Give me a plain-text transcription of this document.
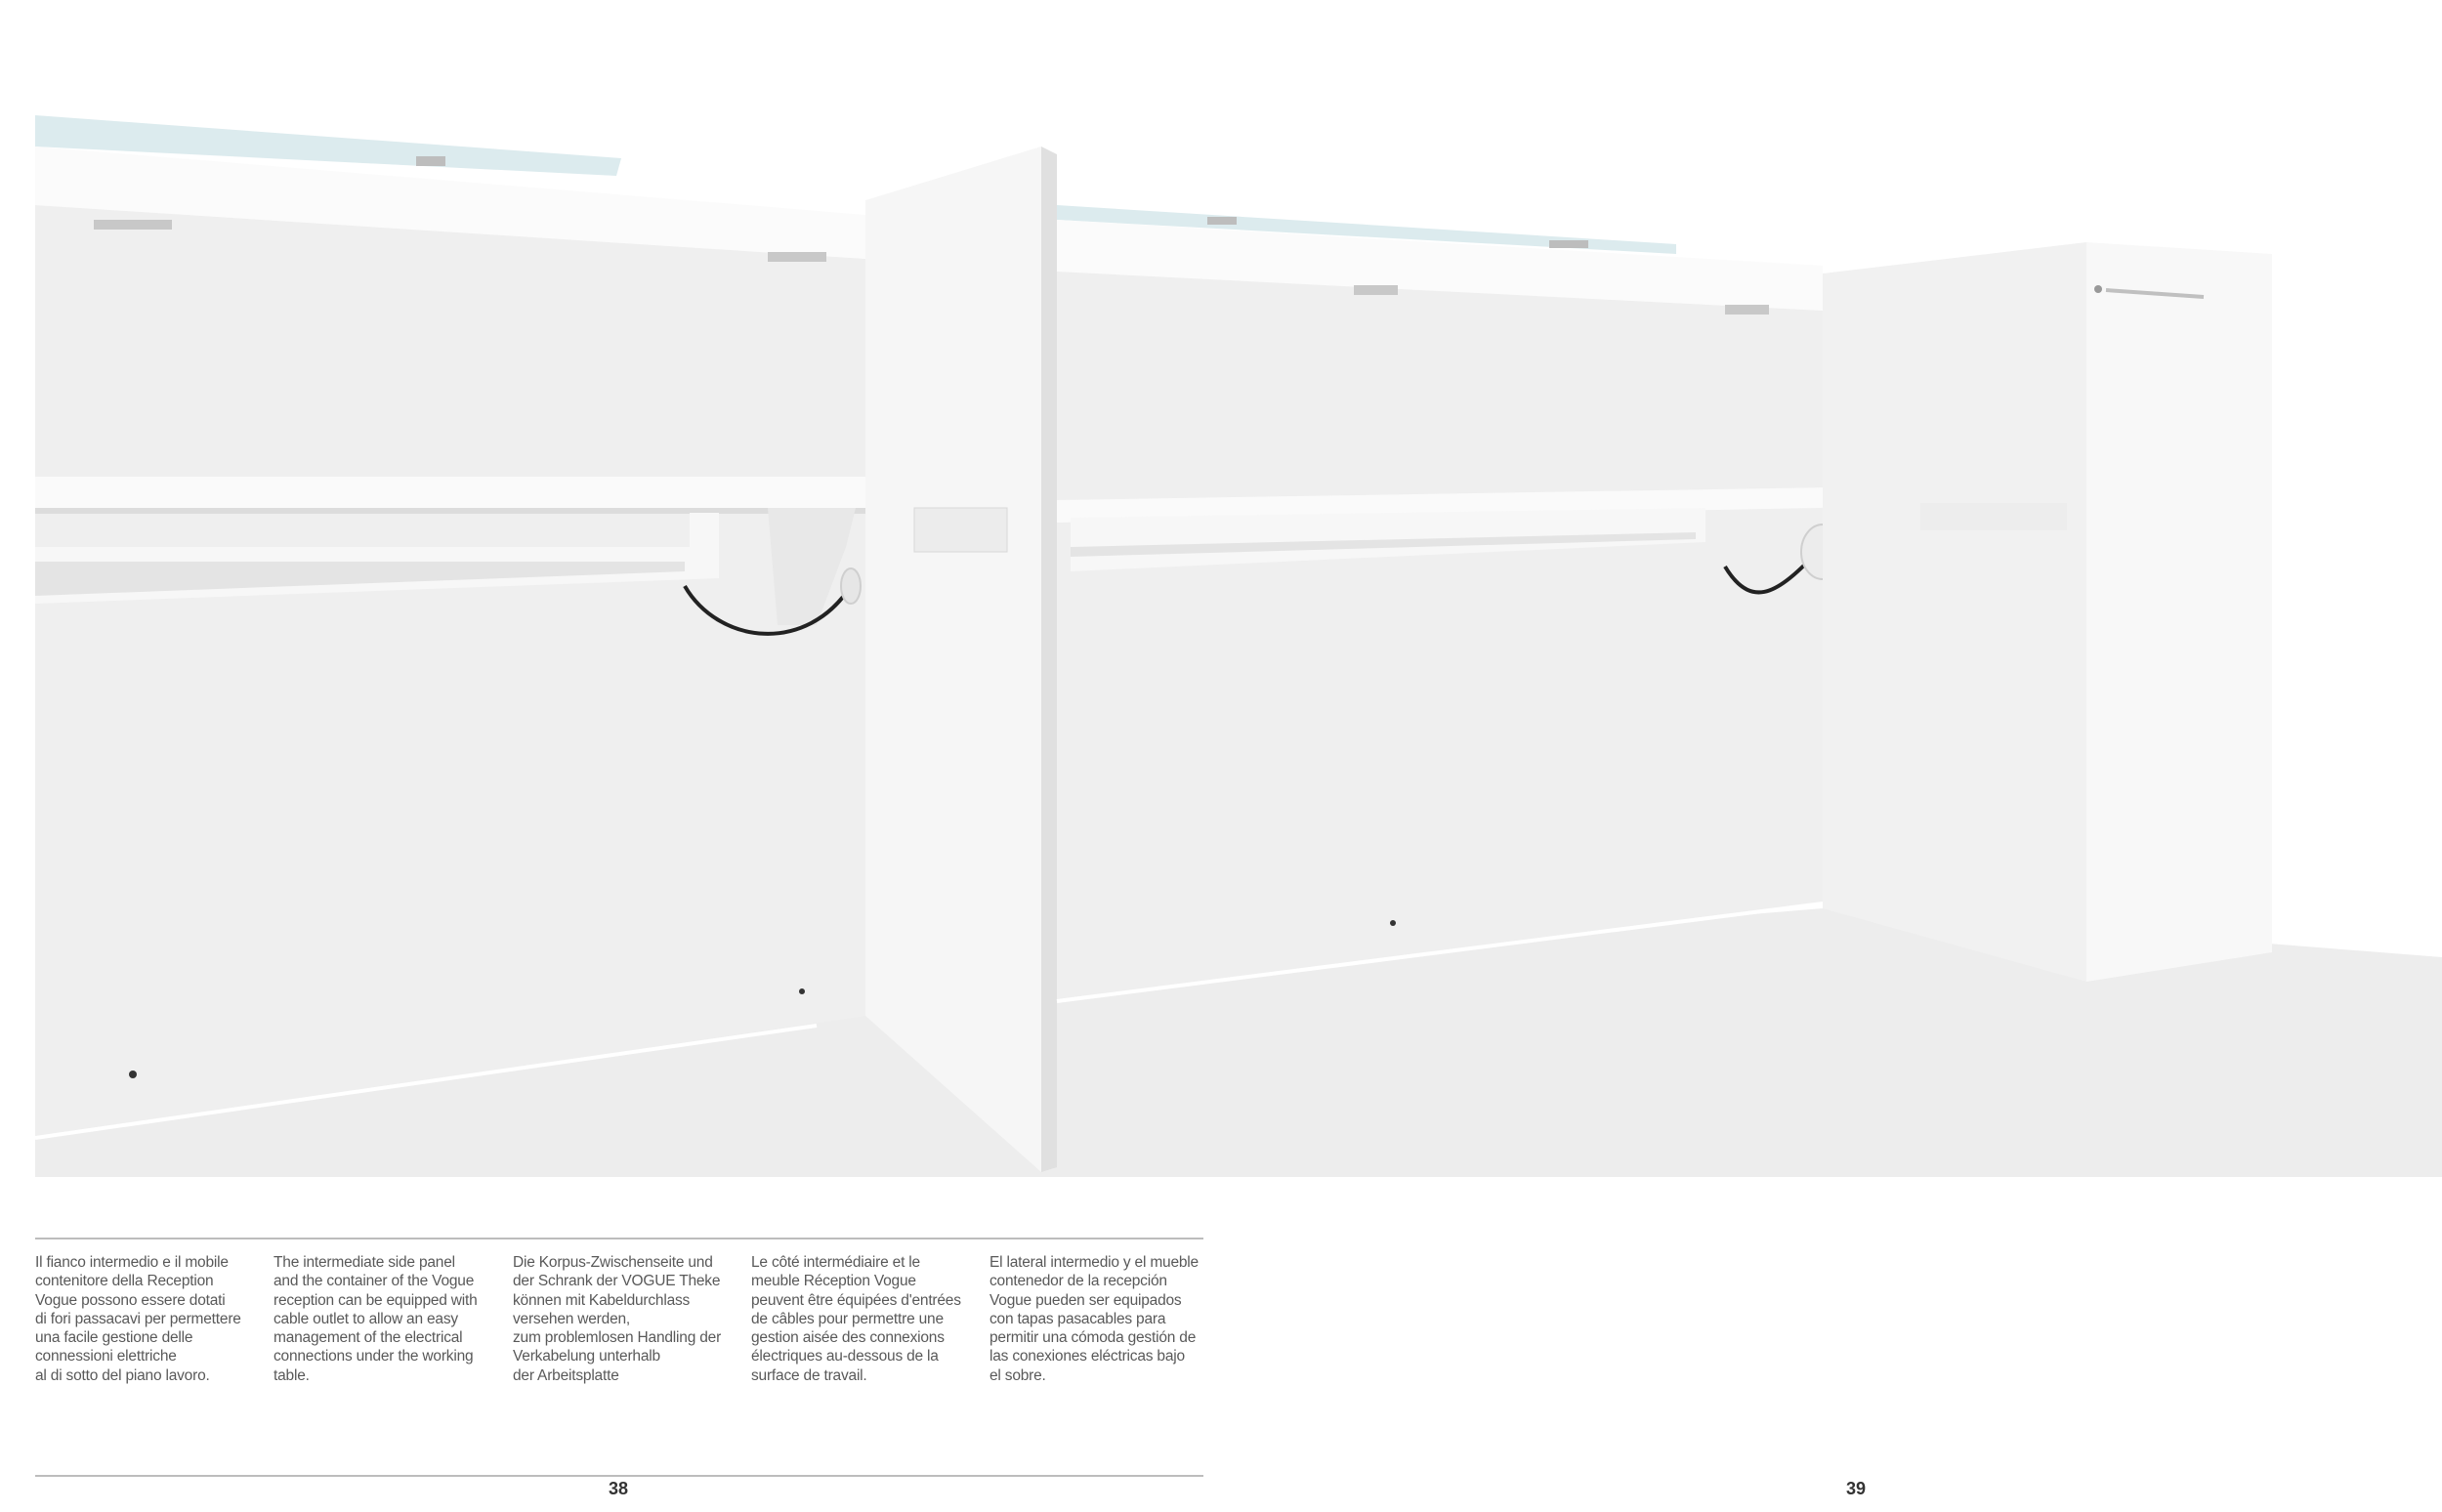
Il fianco intermedio e il mobile
contenitore della Reception
Vogue possono essere dotati
di fori passacavi per permettere
una facile gestione delle
connessioni elettriche
al di sotto del piano lavoro.
The intermediate side panel
and the container of the Vogue
reception can be equipped with
cable outlet to allow an easy
management of the electrical
connections under the working
table.
Die Korpus-Zwischenseite und
der Schrank der VOGUE Theke
können mit Kabeldurchlass
versehen werden,
zum problemlosen Handling der
Verkabelung unterhalb
der Arbeitsplatte
Le côté intermédiaire et le
meuble Réception Vogue
peuvent être équipées d'entrées
de câbles pour permettre une
gestion aisée des connexions
électriques au-dessous de la
surface de travail.
El lateral intermedio y el mueble
contenedor de la recepción
Vogue pueden ser equipados
con tapas pasacables para
permitir una cómoda gestión de
las conexiones eléctricas bajo
el sobre.
38	39
